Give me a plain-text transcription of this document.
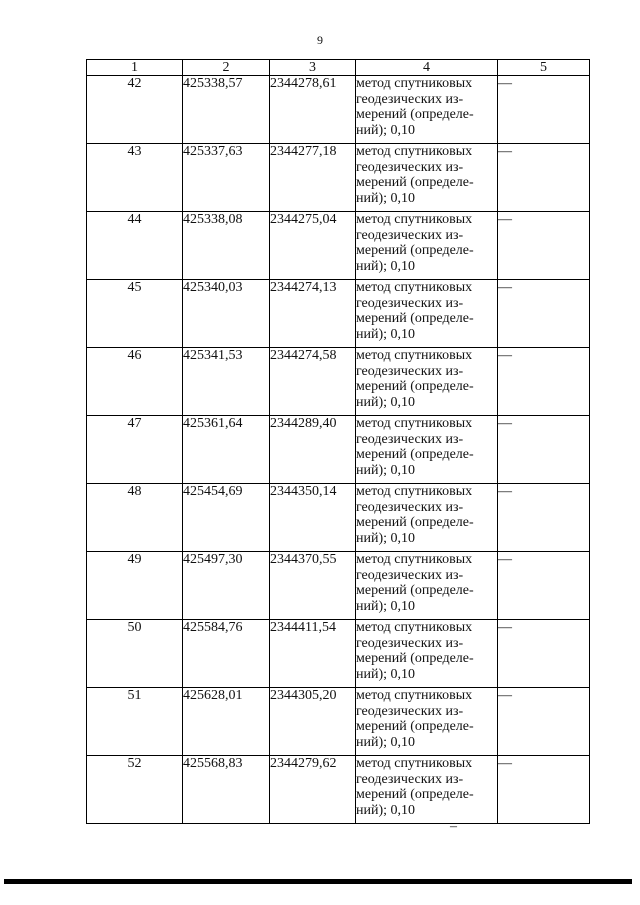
9
1	2	3	4	5
42	425338,57	2344278,61	метод спутниковых
геодезических из-
мерений (определе-
ний); 0,10	—
43	425337,63	2344277,18	метод спутниковых
геодезических из-
мерений (определе-
ний); 0,10	—
44	425338,08	2344275,04	метод спутниковых
геодезических из-
мерений (определе-
ний); 0,10	—
45	425340,03	2344274,13	метод спутниковых
геодезических из-
мерений (определе-
ний); 0,10	—
46	425341,53	2344274,58	метод спутниковых
геодезических из-
мерений (определе-
ний); 0,10	—
47	425361,64	2344289,40	метод спутниковых
геодезических из-
мерений (определе-
ний); 0,10	—
48	425454,69	2344350,14	метод спутниковых
геодезических из-
мерений (определе-
ний); 0,10	—
49	425497,30	2344370,55	метод спутниковых
геодезических из-
мерений (определе-
ний); 0,10	—
50	425584,76	2344411,54	метод спутниковых
геодезических из-
мерений (определе-
ний); 0,10	—
51	425628,01	2344305,20	метод спутниковых
геодезических из-
мерений (определе-
ний); 0,10	—
52	425568,83	2344279,62	метод спутниковых
геодезических из-
мерений (определе-
ний); 0,10	—
–
